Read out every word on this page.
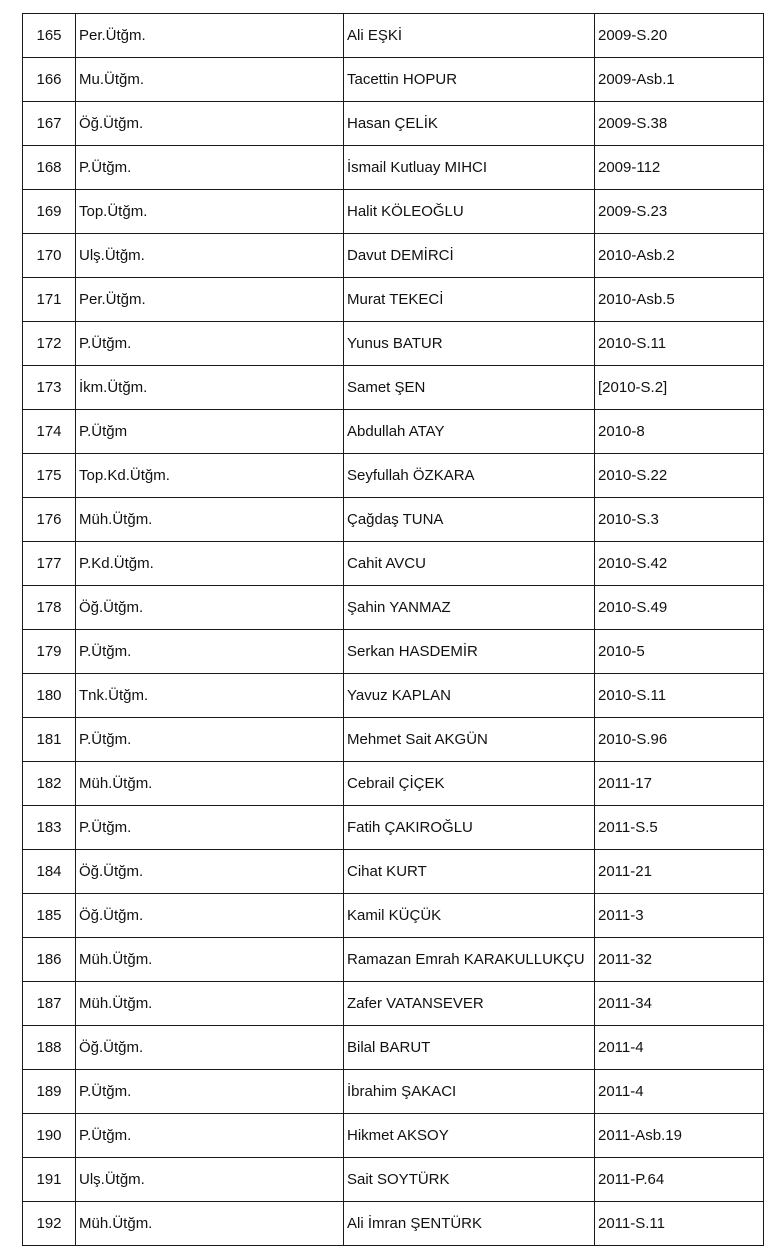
165	Per.Ütğm.	Ali EŞKİ	2009-S.20
166	Mu.Ütğm.	Tacettin HOPUR	2009-Asb.1
167	Öğ.Ütğm.	Hasan ÇELİK	2009-S.38
168	P.Ütğm.	İsmail Kutluay MIHCI	2009-112
169	Top.Ütğm.	Halit KÖLEOĞLU	2009-S.23
170	Ulş.Ütğm.	Davut DEMİRCİ	2010-Asb.2
171	Per.Ütğm.	Murat TEKECİ	2010-Asb.5
172	P.Ütğm.	Yunus BATUR	2010-S.11
173	İkm.Ütğm.	Samet ŞEN	[2010-S.2]
174	P.Ütğm	Abdullah ATAY	2010-8
175	Top.Kd.Ütğm.	Seyfullah ÖZKARA	2010-S.22
176	Müh.Ütğm.	Çağdaş TUNA	2010-S.3
177	P.Kd.Ütğm.	Cahit AVCU	2010-S.42
178	Öğ.Ütğm.	Şahin YANMAZ	2010-S.49
179	P.Ütğm.	Serkan HASDEMİR	2010-5
180	Tnk.Ütğm.	Yavuz KAPLAN	2010-S.11
181	P.Ütğm.	Mehmet Sait AKGÜN	2010-S.96
182	Müh.Ütğm.	Cebrail ÇİÇEK	2011-17
183	P.Ütğm.	Fatih ÇAKIROĞLU	2011-S.5
184	Öğ.Ütğm.	Cihat KURT	2011-21
185	Öğ.Ütğm.	Kamil KÜÇÜK	2011-3
186	Müh.Ütğm.	Ramazan Emrah KARAKULLUKÇU	2011-32
187	Müh.Ütğm.	Zafer VATANSEVER	2011-34
188	Öğ.Ütğm.	Bilal BARUT	2011-4
189	P.Ütğm.	İbrahim ŞAKACI	2011-4
190	P.Ütğm.	Hikmet AKSOY	2011-Asb.19
191	Ulş.Ütğm.	Sait SOYTÜRK	2011-P.64
192	Müh.Ütğm.	Ali İmran ŞENTÜRK	2011-S.11
